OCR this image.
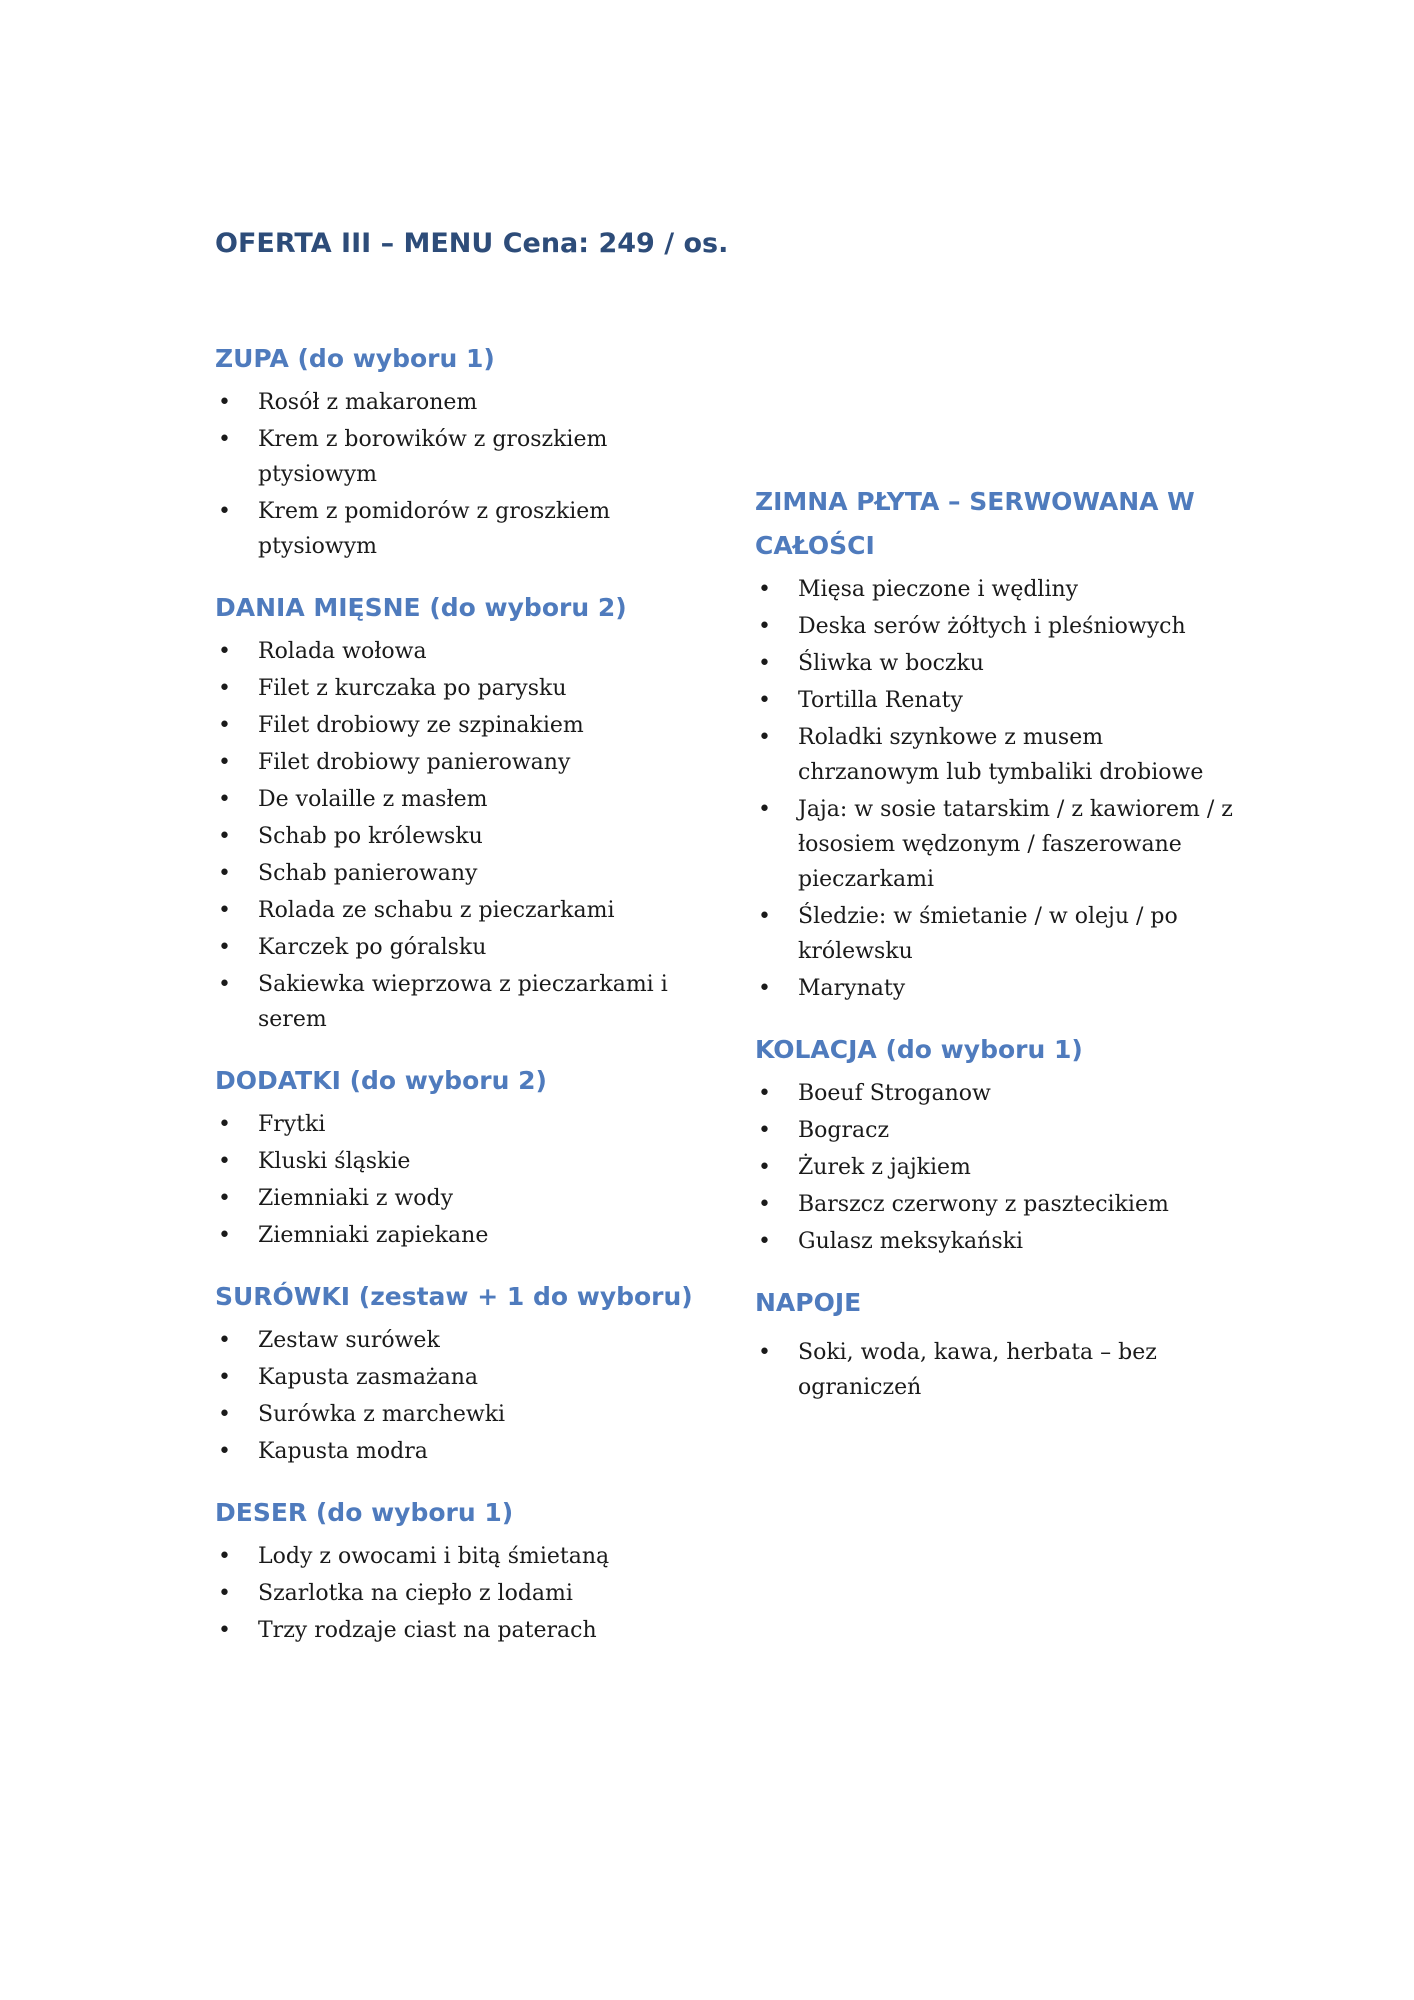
OFERTA III – MENU Cena: 249 / os.
ZUPA (do wyboru 1)
• Rosół z makaronem
• Krem z borowików z groszkiem ptysiowym
• Krem z pomidorów z groszkiem ptysiowym
DANIA MIĘSNE (do wyboru 2)
• Rolada wołowa
• Filet z kurczaka po parysku
• Filet drobiowy ze szpinakiem
• Filet drobiowy panierowany
• De volaille z masłem
• Schab po królewsku
• Schab panierowany
• Rolada ze schabu z pieczarkami
• Karczek po góralsku
• Sakiewka wieprzowa z pieczarkami i serem
DODATKI (do wyboru 2)
• Frytki
• Kluski śląskie
• Ziemniaki z wody
• Ziemniaki zapiekane
SURÓWKI (zestaw + 1 do wyboru)
• Zestaw surówek
• Kapusta zasmażana
• Surówka z marchewki
• Kapusta modra
DESER (do wyboru 1)
• Lody z owocami i bitą śmietaną
• Szarlotka na ciepło z lodami
• Trzy rodzaje ciast na paterach
ZIMNA PŁYTA – SERWOWANA W CAŁOŚCI
• Mięsa pieczone i wędliny
• Deska serów żółtych i pleśniowych
• Śliwka w boczku
• Tortilla Renaty
• Roladki szynkowe z musem chrzanowym lub tymbaliki drobiowe
• Jaja: w sosie tatarskim / z kawiorem / z łososiem wędzonym / faszerowane pieczarkami
• Śledzie: w śmietanie / w oleju / po królewsku
• Marynaty
KOLACJA (do wyboru 1)
• Boeuf Stroganow
• Bogracz
• Żurek z jajkiem
• Barszcz czerwony z pasztecikiem
• Gulasz meksykański
NAPOJE
• Soki, woda, kawa, herbata – bez ograniczeń
